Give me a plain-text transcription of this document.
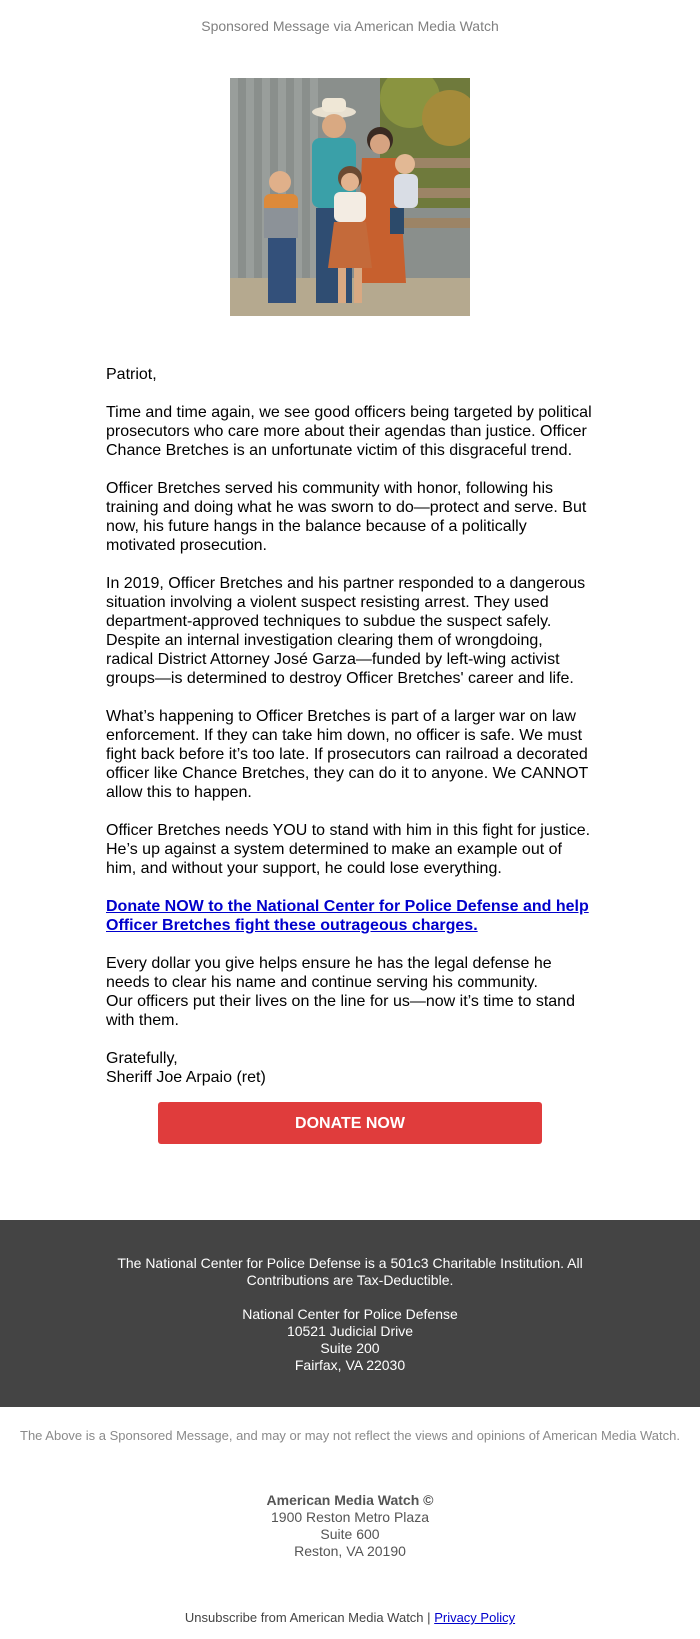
Sponsored Message via American Media Watch

Patriot,

Time and time again, we see good officers being targeted by political prosecutors who care more about their agendas than justice. Officer Chance Bretches is an unfortunate victim of this disgraceful trend.

Officer Bretches served his community with honor, following his training and doing what he was sworn to do—protect and serve. But now, his future hangs in the balance because of a politically motivated prosecution.

In 2019, Officer Bretches and his partner responded to a dangerous situation involving a violent suspect resisting arrest. They used department-approved techniques to subdue the suspect safely. Despite an internal investigation clearing them of wrongdoing, radical District Attorney José Garza—funded by left-wing activist groups—is determined to destroy Officer Bretches' career and life.

What’s happening to Officer Bretches is part of a larger war on law enforcement. If they can take him down, no officer is safe. We must fight back before it’s too late. If prosecutors can railroad a decorated officer like Chance Bretches, they can do it to anyone. We CANNOT allow this to happen.

Officer Bretches needs YOU to stand with him in this fight for justice. He’s up against a system determined to make an example out of him, and without your support, he could lose everything.

Donate NOW to the National Center for Police Defense and help Officer Bretches fight these outrageous charges.

Every dollar you give helps ensure he has the legal defense he needs to clear his name and continue serving his community.

Our officers put their lives on the line for us—now it’s time to stand with them.

Gratefully,

Sheriff Joe Arpaio (ret)

DONATE NOW
The National Center for Police Defense is a 501c3 Charitable Institution. All Contributions are Tax-Deductible.
National Center for Police Defense
10521 Judicial Drive
Suite 200
Fairfax, VA 22030
The Above is a Sponsored Message, and may or may not reflect the views and opinions of American Media Watch.
American Media Watch ©
1900 Reston Metro Plaza
Suite 600
Reston, VA 20190
Unsubscribe from American Media Watch | Privacy Policy
